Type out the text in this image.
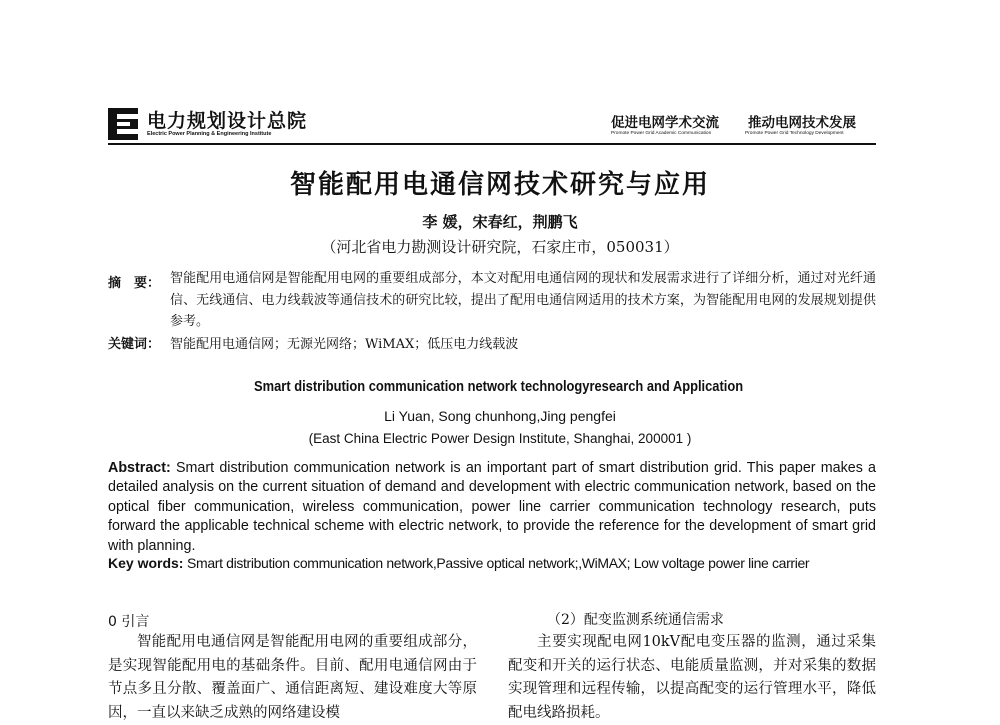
电力规划设计总院
Electric Power Planning & Engineering Institute
促进电网学术交流 推动电网技术发展
Promote Power Grid Academic Communication	Promote Power Grid Technology Development
智能配用电通信网技术研究与应用
李 媛，宋春红，荆鹏飞
（河北省电力勘测设计研究院，石家庄市，050031）
摘　要： 智能配用电通信网是智能配用电网的重要组成部分，本文对配用电通信网的现状和发展需求进行了详细分析，通过对光纤通信、无线通信、电力线载波等通信技术的研究比较，提出了配用电通信网适用的技术方案，为智能配用电网的发展规划提供参考。
关键词： 智能配用电通信网；无源光网络；WiMAX；低压电力线载波
Smart distribution communication network technologyresearch and Application
Li Yuan, Song chunhong,Jing pengfei
(East China Electric Power Design Institute, Shanghai, 200001 )
Abstract: Smart distribution communication network is an important part of smart distribution grid. This paper makes a detailed analysis on the current situation of demand and development with electric communication network, based on the optical fiber communication, wireless communication, power line carrier communication technology research, puts forward the applicable technical scheme with electric network, to provide the reference for the development of smart grid with planning.
Key words: Smart distribution communication network,Passive optical network;,WiMAX; Low voltage power line carrier
0 引言
智能配用电通信网是智能配用电网的重要组成部分，是实现智能配用电的基础条件。目前、配用电通信网由于节点多且分散、覆盖面广、通信距离短、建设难度大等原因，一直以来缺乏成熟的网络建设模
（2）配变监测系统通信需求
主要实现配电网10kV配电变压器的监测，通过采集配变和开关的运行状态、电能质量监测，并对采集的数据实现管理和远程传输，以提高配变的运行管理水平，降低配电线路损耗。
